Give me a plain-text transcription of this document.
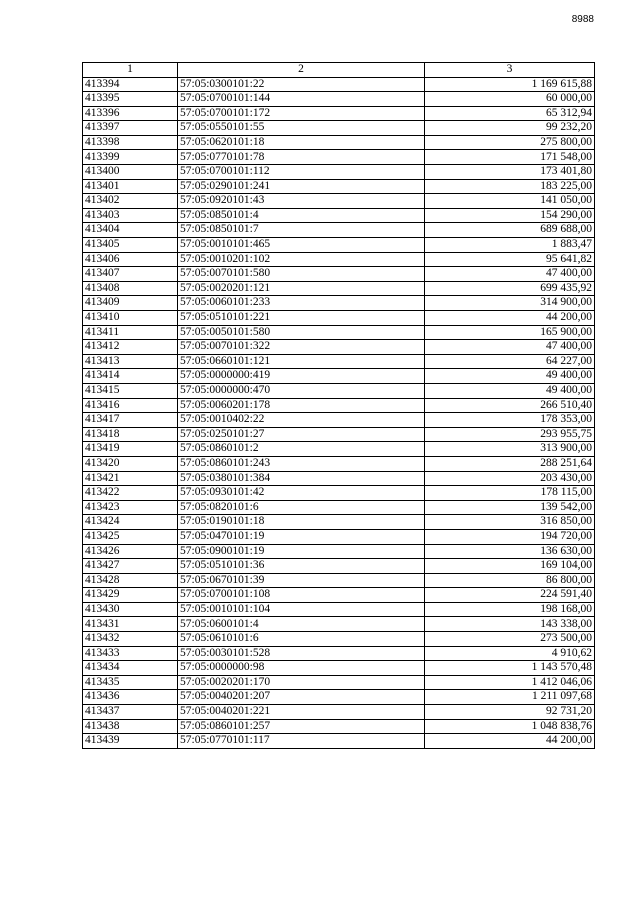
8988
1	2	3
413394	57:05:0300101:22	1 169 615,88
413395	57:05:0700101:144	60 000,00
413396	57:05:0700101:172	65 312,94
413397	57:05:0550101:55	99 232,20
413398	57:05:0620101:18	275 800,00
413399	57:05:0770101:78	171 548,00
413400	57:05:0700101:112	173 401,80
413401	57:05:0290101:241	183 225,00
413402	57:05:0920101:43	141 050,00
413403	57:05:0850101:4	154 290,00
413404	57:05:0850101:7	689 688,00
413405	57:05:0010101:465	1 883,47
413406	57:05:0010201:102	95 641,82
413407	57:05:0070101:580	47 400,00
413408	57:05:0020201:121	699 435,92
413409	57:05:0060101:233	314 900,00
413410	57:05:0510101:221	44 200,00
413411	57:05:0050101:580	165 900,00
413412	57:05:0070101:322	47 400,00
413413	57:05:0660101:121	64 227,00
413414	57:05:0000000:419	49 400,00
413415	57:05:0000000:470	49 400,00
413416	57:05:0060201:178	266 510,40
413417	57:05:0010402:22	178 353,00
413418	57:05:0250101:27	293 955,75
413419	57:05:0860101:2	313 900,00
413420	57:05:0860101:243	288 251,64
413421	57:05:0380101:384	203 430,00
413422	57:05:0930101:42	178 115,00
413423	57:05:0820101:6	139 542,00
413424	57:05:0190101:18	316 850,00
413425	57:05:0470101:19	194 720,00
413426	57:05:0900101:19	136 630,00
413427	57:05:0510101:36	169 104,00
413428	57:05:0670101:39	86 800,00
413429	57:05:0700101:108	224 591,40
413430	57:05:0010101:104	198 168,00
413431	57:05:0600101:4	143 338,00
413432	57:05:0610101:6	273 500,00
413433	57:05:0030101:528	4 910,62
413434	57:05:0000000:98	1 143 570,48
413435	57:05:0020201:170	1 412 046,06
413436	57:05:0040201:207	1 211 097,68
413437	57:05:0040201:221	92 731,20
413438	57:05:0860101:257	1 048 838,76
413439	57:05:0770101:117	44 200,00
